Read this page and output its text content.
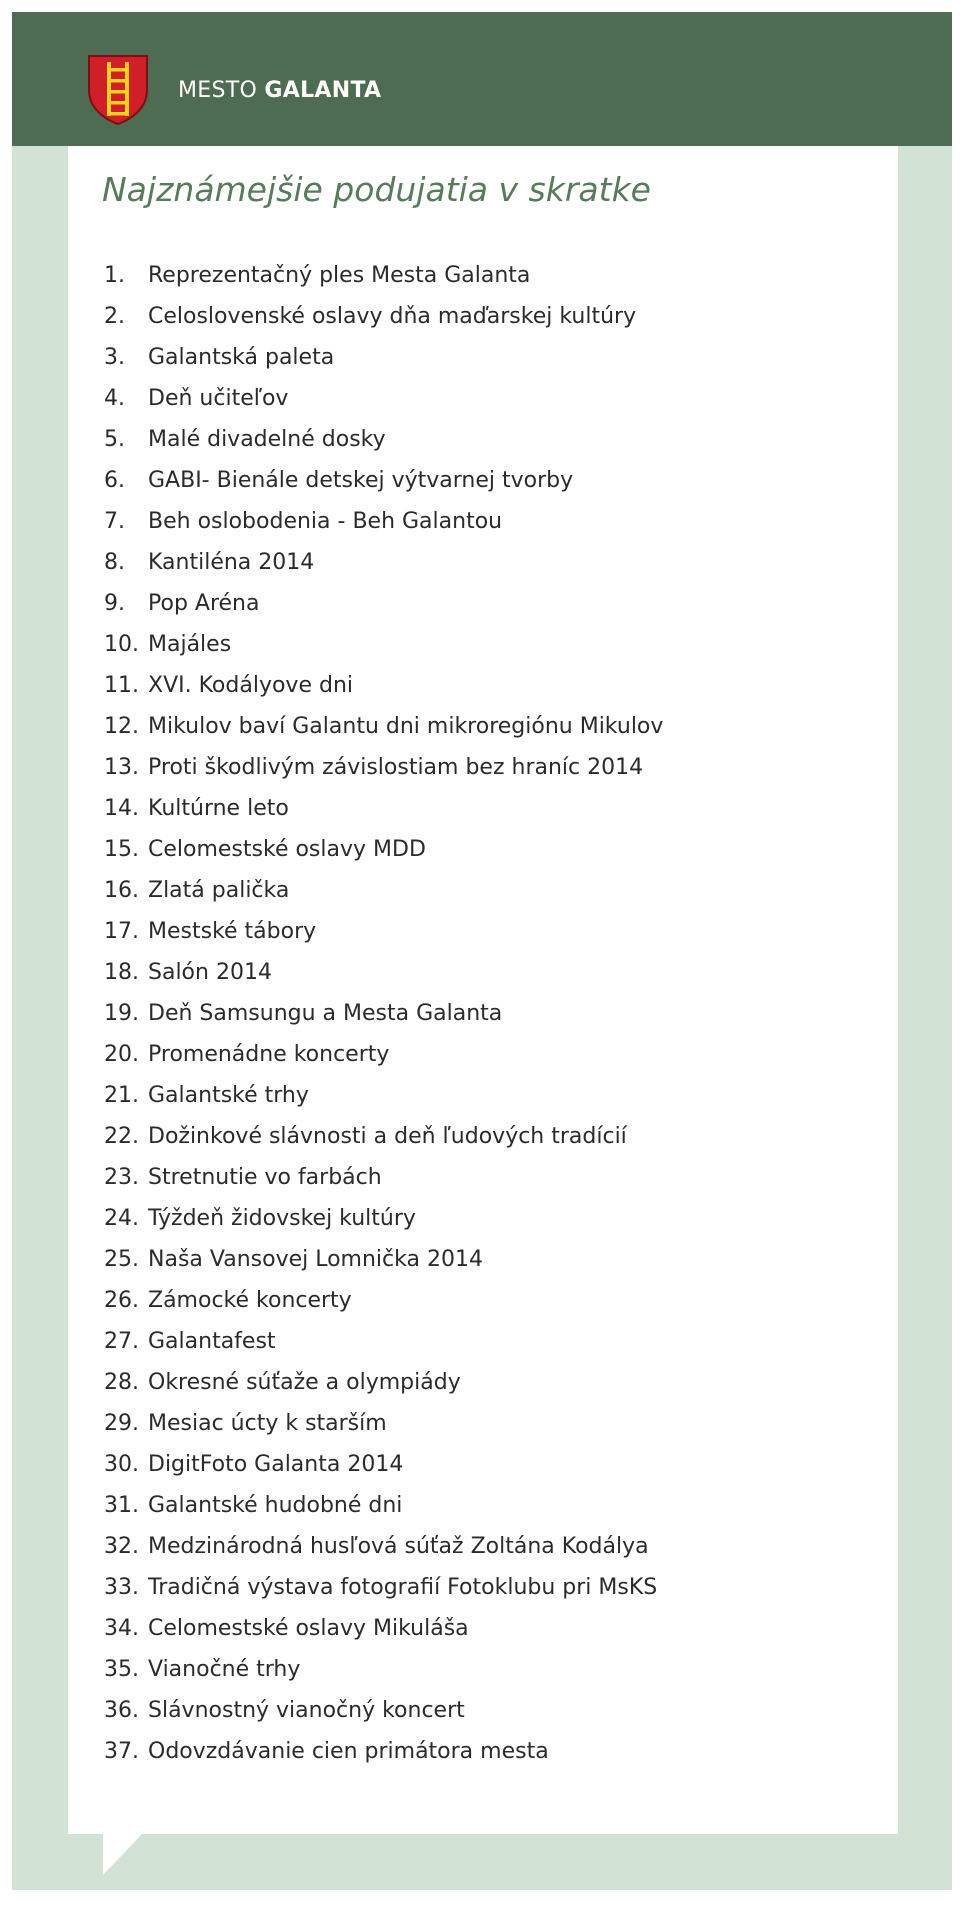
MESTO GALANTA
Najznámejšie podujatia v skratke
1. Reprezentačný ples Mesta Galanta
2. Celoslovenské oslavy dňa maďarskej kultúry
3. Galantská paleta
4. Deň učiteľov
5. Malé divadelné dosky
6. GABI- Bienále detskej výtvarnej tvorby
7. Beh oslobodenia - Beh Galantou
8. Kantiléna 2014
9. Pop Aréna
10. Majáles
11. XVI. Kodályove dni
12. Mikulov baví Galantu dni mikroregiónu Mikulov
13. Proti škodlivým závislostiam bez hraníc 2014
14. Kultúrne leto
15. Celomestské oslavy MDD
16. Zlatá palička
17. Mestské tábory
18. Salón 2014
19. Deň Samsungu a Mesta Galanta
20. Promenádne koncerty
21. Galantské trhy
22. Dožinkové slávnosti a deň ľudových tradícií
23. Stretnutie vo farbách
24. Týždeň židovskej kultúry
25. Naša Vansovej Lomnička 2014
26. Zámocké koncerty
27. Galantafest
28. Okresné súťaže a olympiády
29. Mesiac úcty k starším
30. DigitFoto Galanta 2014
31. Galantské hudobné dni
32. Medzinárodná husľová súťaž Zoltána Kodálya
33. Tradičná výstava fotografií Fotoklubu pri MsKS
34. Celomestské oslavy Mikuláša
35. Vianočné trhy
36. Slávnostný vianočný koncert
37. Odovzdávanie cien primátora mesta
